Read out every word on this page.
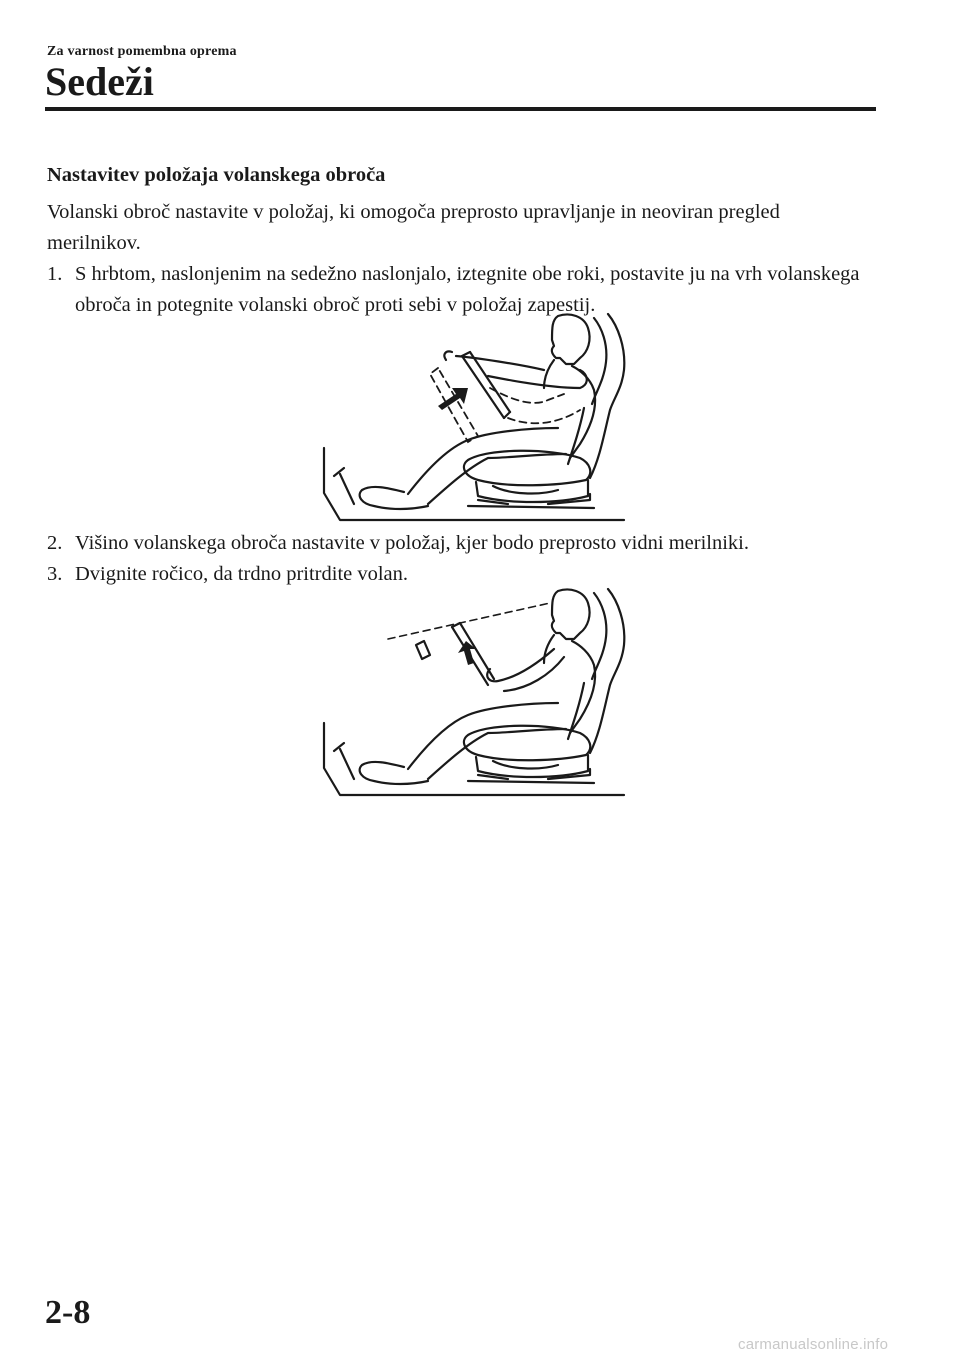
Za varnost pomembna oprema
Sedeži

Nastavitev položaja volanskega obroča

Volanski obroč nastavite v položaj, ki omogoča preprosto upravljanje in neoviran pregled merilnikov.

1. S hrbtom, naslonjenim na sedežno naslonjalo, iztegnite obe roki, postavite ju na vrh volanskega obroča in potegnite volanski obroč proti sebi v položaj zapestij.

2. Višino volanskega obroča nastavite v položaj, kjer bodo preprosto vidni merilniki.

3. Dvignite ročico, da trdno pritrdite volan.

2-8
carmanualsonline.info
